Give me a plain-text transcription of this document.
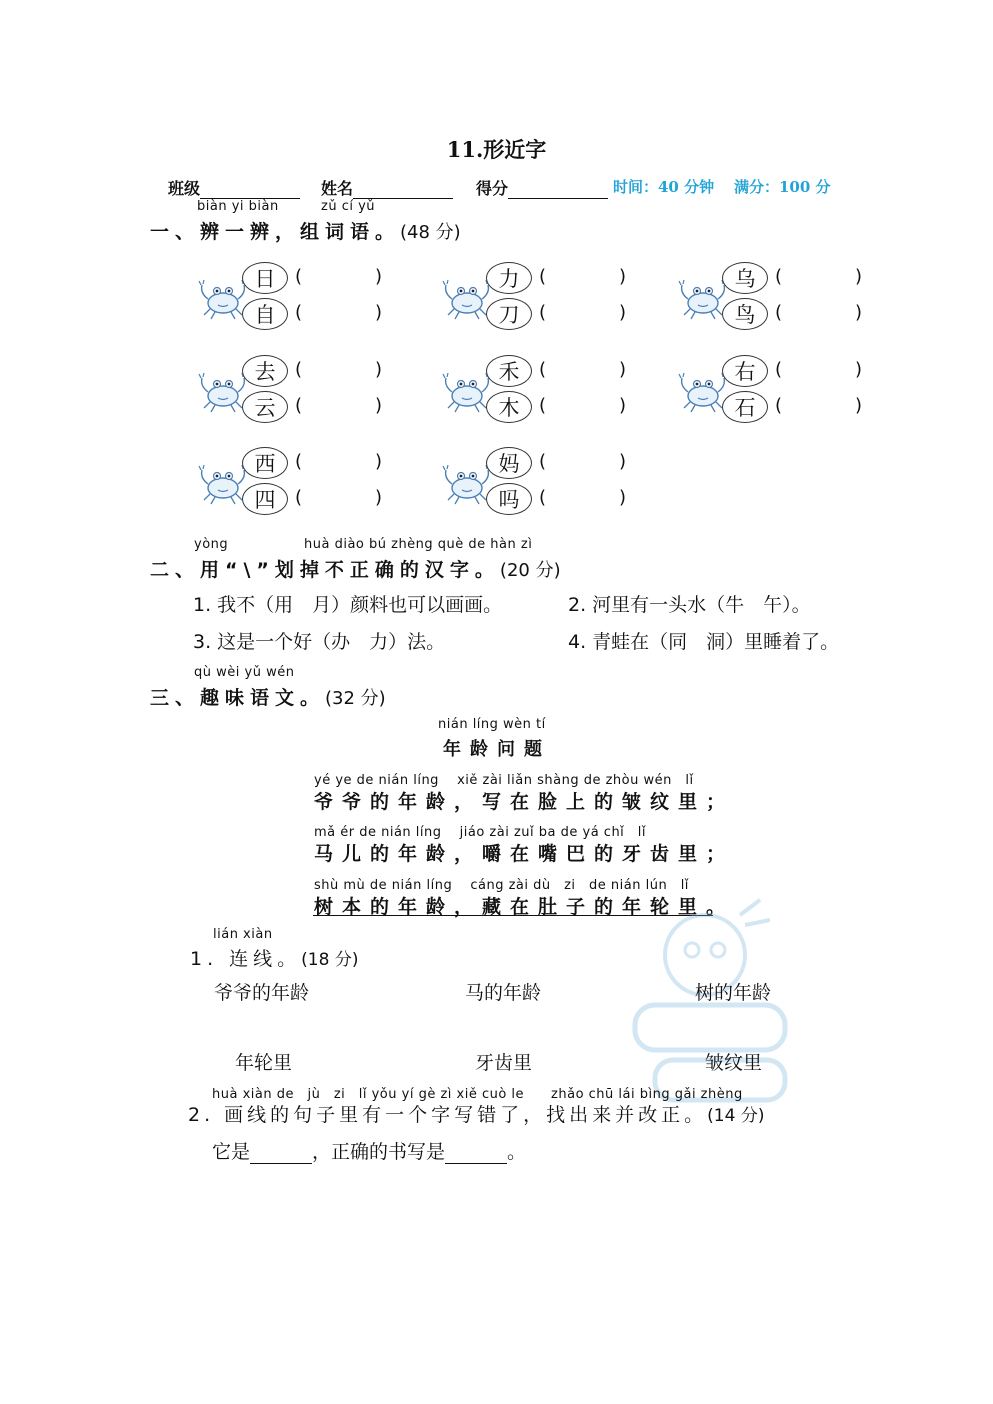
11.形近字
班级	姓名	得分	时间：40 分钟 满分：100 分
biàn yi biàn	zǔ cí yǔ
一、辨一辨，组词语。(48 分)
日	(	)
自	(	)
力	(	)
刀	(	)
乌	(	)
鸟	(	)
去	(	)
云	(	)
禾	(	)
木	(	)
右	(	)
石	(	)
西	(	)
四	(	)
妈	(	)
吗	(	)
yòng	huà diào bú zhèng què de hàn zì
二、用“\”划掉不正确的汉字。(20 分)
1. 我不（用　月）颜料也可以画画。	2. 河里有一头水（牛　午）。
3. 这是一个好（办　力）法。	4. 青蛙在（同　洞）里睡着了。
qù wèi yǔ wén
三、趣味语文。(32 分)
nián líng wèn tí
年龄问题
yé ye de nián líng　 xiě zài liǎn shàng de zhòu wén　lǐ
爷爷的年龄，写在脸上的皱纹里；
mǎ ér de nián líng　 jiáo zài zuǐ ba de yá chǐ　lǐ
马儿的年龄，嚼在嘴巴的牙齿里；
shù mù de nián líng　 cáng zài dù　zi　de nián lún　lǐ
树本的年龄，藏在肚子的年轮里。
lián xiàn
1. 连线。(18 分)
爷爷的年龄	马的年龄	树的年龄
年轮里	牙齿里	皱纹里
huà xiàn de　jù　zi　lǐ yǒu yí gè zì xiě cuò le　　zhǎo chū lái bìng gǎi zhèng
2. 画线的句子里有一个字写错了，找出来并改正。(14 分)
它是	，正确的书写是	。
